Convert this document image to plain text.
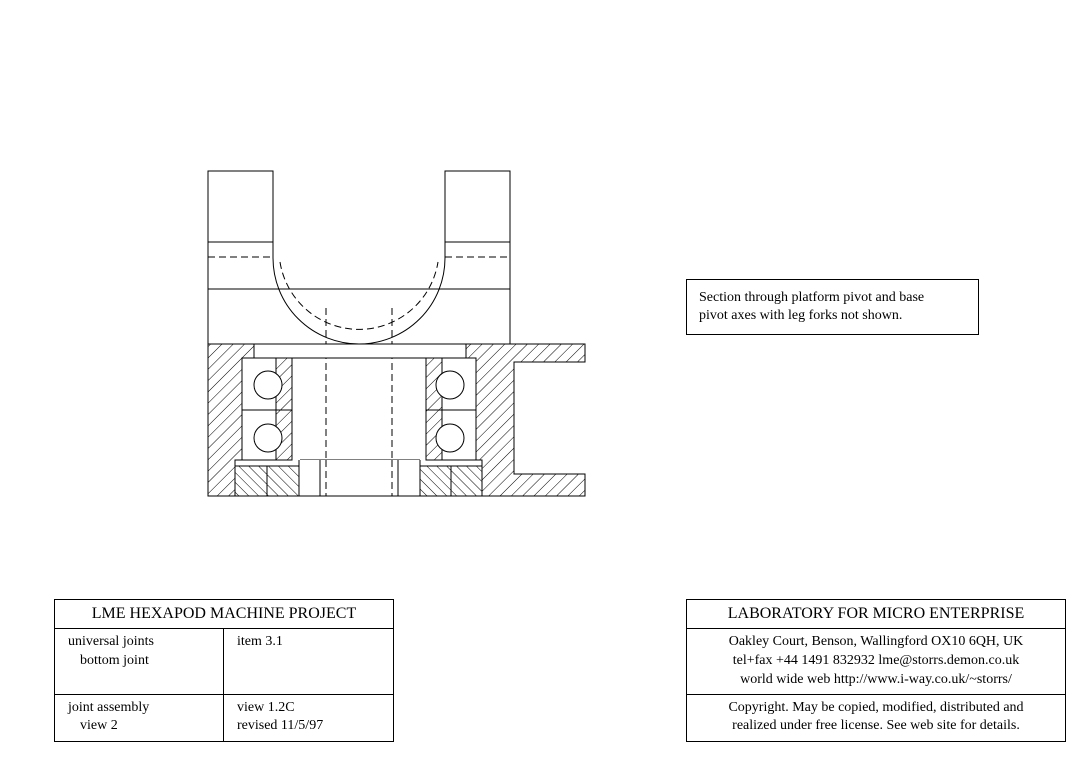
Section through platform pivot and base
pivot axes with leg forks not shown.
LME HEXAPOD MACHINE PROJECT
universal joints
bottom joint
item 3.1
joint assembly
view 2
view 1.2C
revised 11/5/97
LABORATORY FOR MICRO ENTERPRISE
Oakley Court, Benson, Wallingford OX10 6QH, UK
tel+fax +44 1491 832932 lme@storrs.demon.co.uk
world wide web http://www.i-way.co.uk/~storrs/
Copyright. May be copied, modified, distributed and
realized under free license. See web site for details.
